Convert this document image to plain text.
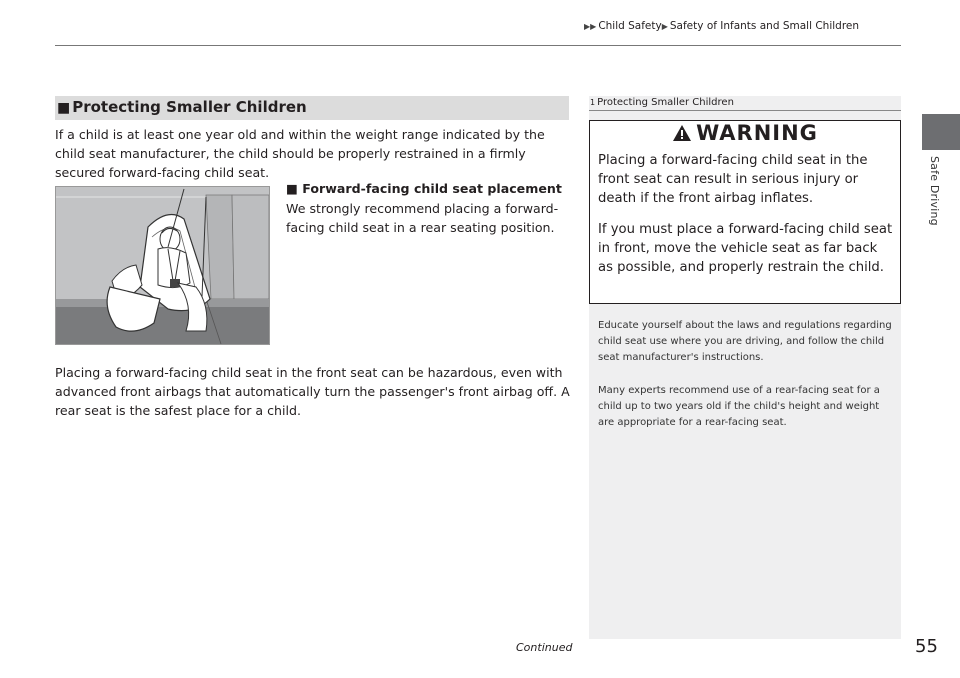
▶▶ Child Safety▶ Safety of Infants and Small Children
Safe Driving
■ Protecting Smaller Children
If a child is at least one year old and within the weight range indicated by the child seat manufacturer, the child should be properly restrained in a firmly secured forward-facing child seat.
■ Forward-facing child seat placement
We strongly recommend placing a forward-facing child seat in a rear seating position.
Placing a forward-facing child seat in the front seat can be hazardous, even with advanced front airbags that automatically turn the passenger's front airbag off. A rear seat is the safest place for a child.
1 Protecting Smaller Children
WARNING
Placing a forward-facing child seat in the front seat can result in serious injury or death if the front airbag inflates.
If you must place a forward-facing child seat in front, move the vehicle seat as far back as possible, and properly restrain the child.
Educate yourself about the laws and regulations regarding child seat use where you are driving, and follow the child seat manufacturer's instructions.
Many experts recommend use of a rear-facing seat for a child up to two years old if the child's height and weight are appropriate for a rear-facing seat.
Continued	55
